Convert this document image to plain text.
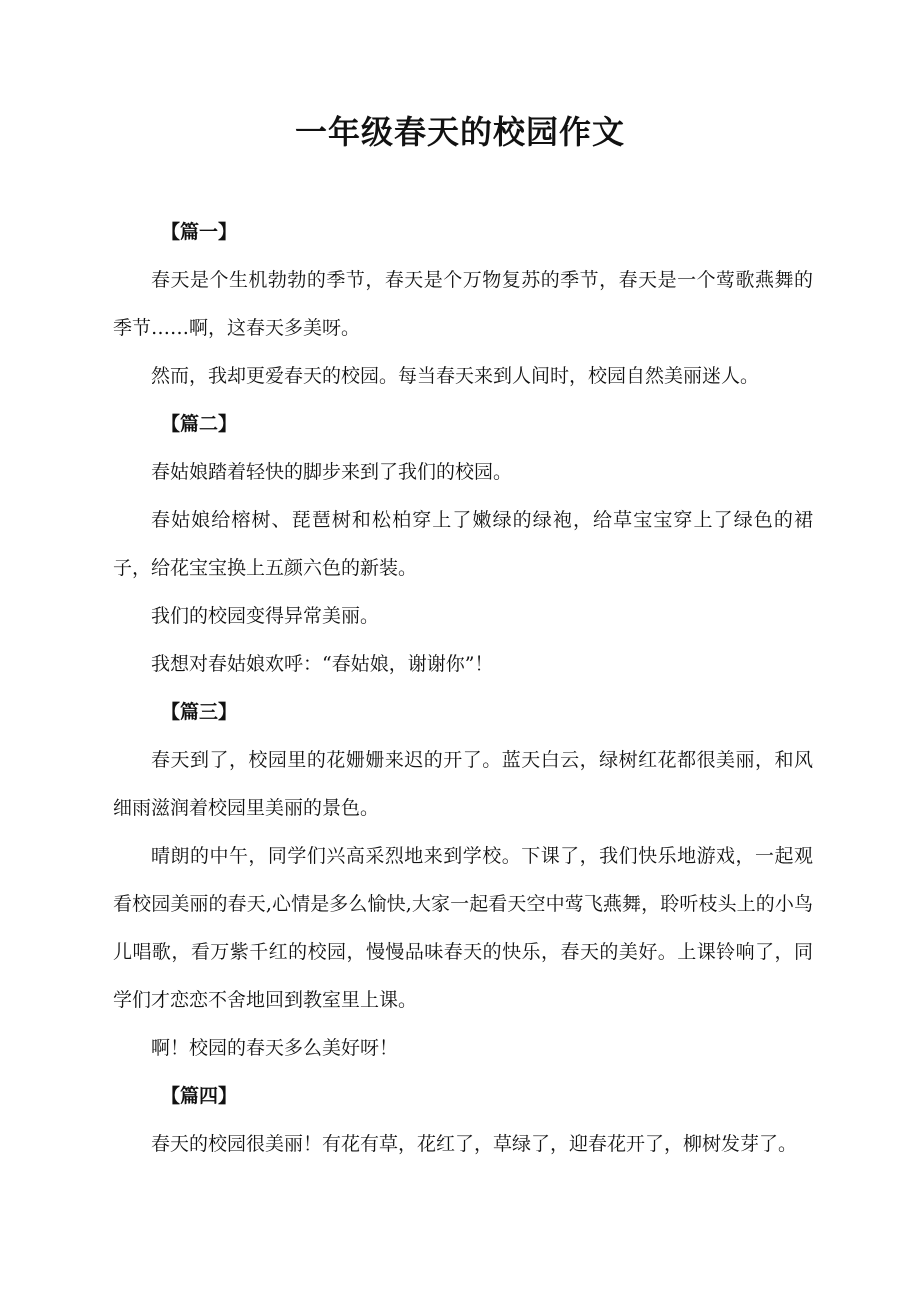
一年级春天的校园作文

【篇一】

春天是个生机勃勃的季节，春天是个万物复苏的季节，春天是一个莺歌燕舞的季节……啊，这春天多美呀。

然而，我却更爱春天的校园。每当春天来到人间时，校园自然美丽迷人。

【篇二】

春姑娘踏着轻快的脚步来到了我们的校园。

春姑娘给榕树、琵琶树和松柏穿上了嫩绿的绿袍，给草宝宝穿上了绿色的裙子，给花宝宝换上五颜六色的新装。

我们的校园变得异常美丽。

我想对春姑娘欢呼：“春姑娘，谢谢你”！

【篇三】

春天到了，校园里的花姗姗来迟的开了。蓝天白云，绿树红花都很美丽，和风细雨滋润着校园里美丽的景色。

晴朗的中午，同学们兴高采烈地来到学校。下课了，我们快乐地游戏，一起观看校园美丽的春天,心情是多么愉快,大家一起看天空中莺飞燕舞，聆听枝头上的小鸟儿唱歌，看万紫千红的校园，慢慢品味春天的快乐，春天的美好。上课铃响了，同学们才恋恋不舍地回到教室里上课。

啊！校园的春天多么美好呀！

【篇四】

春天的校园很美丽！有花有草，花红了，草绿了，迎春花开了，柳树发芽了。
